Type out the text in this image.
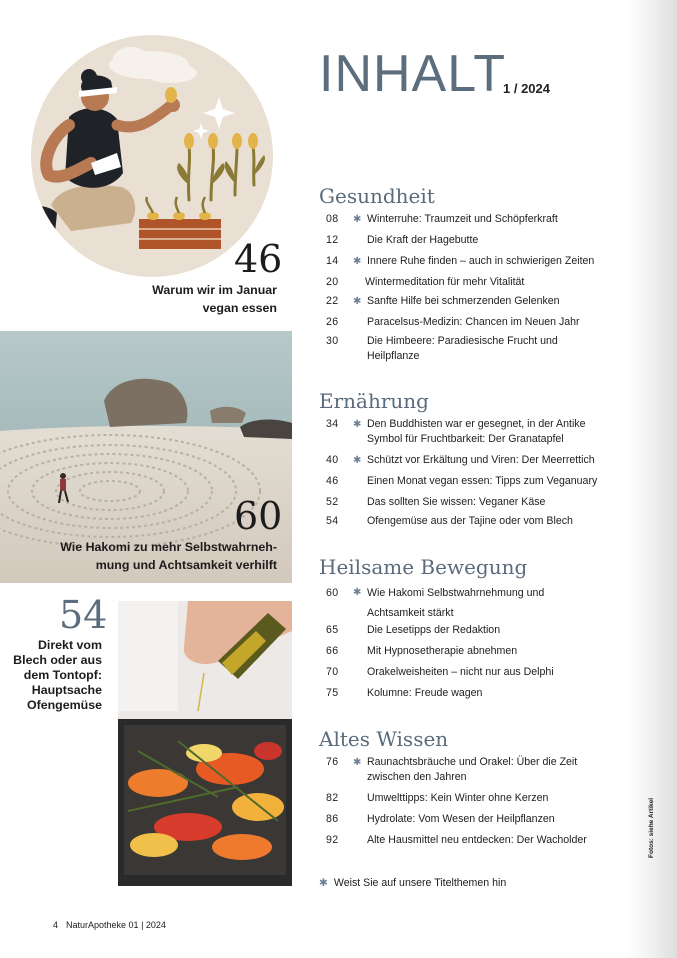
46
Warum wir im Januar
vegan essen
60
Wie Hakomi zu mehr Selbstwahrneh-
mung und Achtsamkeit verhilft
54
Direkt vom
Blech oder aus
dem Tontopf:
Hauptsache
Ofengemüse
INHALT
1 / 2024
Gesundheit
08	✱ Winterruhe: Traumzeit und Schöpferkraft
12	Die Kraft der Hagebutte
14	✱ Innere Ruhe finden – auch in schwierigen Zeiten
20	Wintermeditation für mehr Vitalität
22	✱ Sanfte Hilfe bei schmerzenden Gelenken
26	Paracelsus-Medizin: Chancen im Neuen Jahr
30	Die Himbeere: Paradiesische Frucht und Heilpflanze
Ernährung
34	✱ Den Buddhisten war er gesegnet, in der Antike Symbol für Fruchtbarkeit: Der Granatapfel
40	✱ Schützt vor Erkältung und Viren: Der Meerrettich
46	Einen Monat vegan essen: Tipps zum Veganuary
52	Das sollten Sie wissen: Veganer Käse
54	Ofengemüse aus der Tajine oder vom Blech
Heilsame Bewegung
60	✱ Wie Hakomi Selbstwahrnehmung und Achtsamkeit stärkt
65	Die Lesetipps der Redaktion
66	Mit Hypnosetherapie abnehmen
70	Orakelweisheiten – nicht nur aus Delphi
75	Kolumne: Freude wagen
Altes Wissen
76	✱ Raunachtsbräuche und Orakel: Über die Zeit zwischen den Jahren
82	Umwelttipps: Kein Winter ohne Kerzen
86	Hydrolate: Vom Wesen der Heilpflanzen
92	Alte Hausmittel neu entdecken: Der Wacholder
✱ Weist Sie auf unsere Titelthemen hin
4 NaturApotheke 01 | 2024
Fotos: siehe Artikel
